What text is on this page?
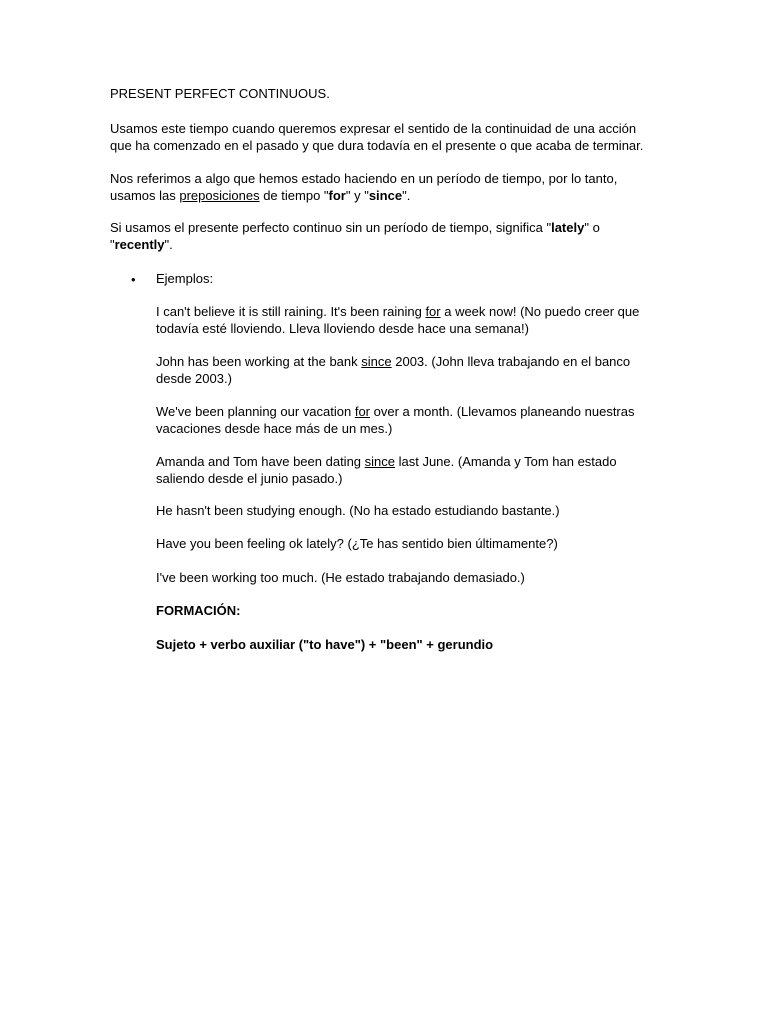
PRESENT PERFECT CONTINUOUS.

Usamos este tiempo cuando queremos expresar el sentido de la continuidad de una acción que ha comenzado en el pasado y que dura todavía en el presente o que acaba de terminar.

Nos referimos a algo que hemos estado haciendo en un período de tiempo, por lo tanto, usamos las preposiciones de tiempo "for" y "since".

Si usamos el presente perfecto continuo sin un período de tiempo, significa "lately" o "recently".

• Ejemplos:

I can't believe it is still raining. It's been raining for a week now! (No puedo creer que todavía esté lloviendo. Lleva lloviendo desde hace una semana!)

John has been working at the bank since 2003. (John lleva trabajando en el banco desde 2003.)

We've been planning our vacation for over a month. (Llevamos planeando nuestras vacaciones desde hace más de un mes.)

Amanda and Tom have been dating since last June. (Amanda y Tom han estado saliendo desde el junio pasado.)

He hasn't been studying enough. (No ha estado estudiando bastante.)

Have you been feeling ok lately? (¿Te has sentido bien últimamente?)

I've been working too much. (He estado trabajando demasiado.)

FORMACIÓN:

Sujeto + verbo auxiliar ("to have") + "been" + gerundio
